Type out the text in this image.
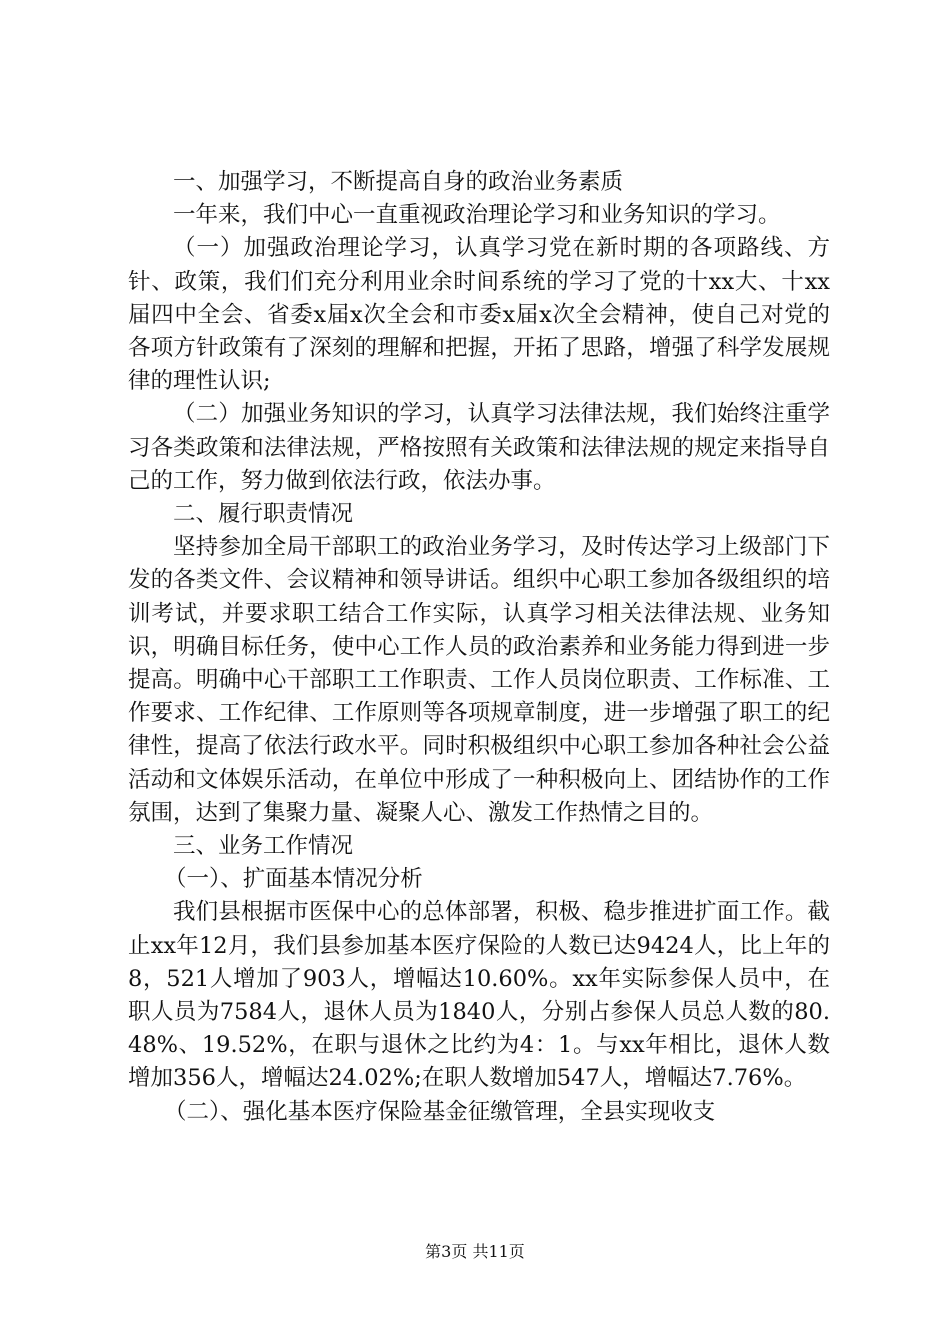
一、加强学习，不断提高自身的政治业务素质

一年来，我们中心一直重视政治理论学习和业务知识的学习。

（一）加强政治理论学习，认真学习党在新时期的各项路线、方针、政策，我们们充分利用业余时间系统的学习了党的十xx大、十xx届四中全会、省委x届x次全会和市委x届x次全会精神，使自己对党的各项方针政策有了深刻的理解和把握，开拓了思路，增强了科学发展规律的理性认识;

（二）加强业务知识的学习，认真学习法律法规，我们始终注重学习各类政策和法律法规，严格按照有关政策和法律法规的规定来指导自己的工作，努力做到依法行政，依法办事。

二、履行职责情况

坚持参加全局干部职工的政治业务学习，及时传达学习上级部门下发的各类文件、会议精神和领导讲话。组织中心职工参加各级组织的培训考试，并要求职工结合工作实际，认真学习相关法律法规、业务知识，明确目标任务，使中心工作人员的政治素养和业务能力得到进一步提高。明确中心干部职工工作职责、工作人员岗位职责、工作标准、工作要求、工作纪律、工作原则等各项规章制度，进一步增强了职工的纪律性，提高了依法行政水平。同时积极组织中心职工参加各种社会公益活动和文体娱乐活动，在单位中形成了一种积极向上、团结协作的工作氛围，达到了集聚力量、凝聚人心、激发工作热情之目的。

三、业务工作情况

（一）、扩面基本情况分析

我们县根据市医保中心的总体部署，积极、稳步推进扩面工作。截止xx年12月，我们县参加基本医疗保险的人数已达9424人，比上年的8，521人增加了903人，增幅达10.60%。xx年实际参保人员中，在职人员为7584人，退休人员为1840人，分别占参保人员总人数的80.48%、19.52%，在职与退休之比约为4：1。与xx年相比，退休人数增加356人，增幅达24.02%;在职人数增加547人，增幅达7.76%。

（二）、强化基本医疗保险基金征缴管理，全县实现收支

第3页 共11页
